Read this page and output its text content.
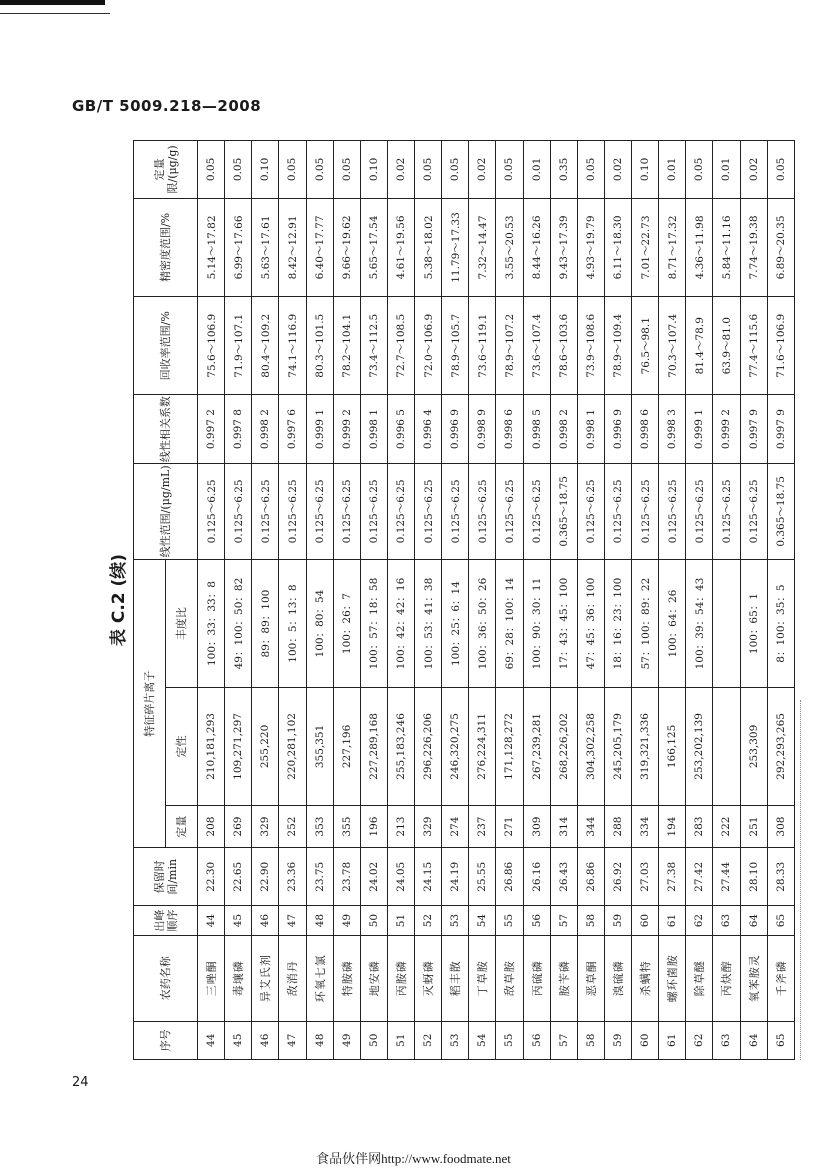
GB/T 5009.218—2008
表 C.2 (续)
序号	农药名称	出峰顺序	保留时间/min	特征碎片离子			线性范围/(μg/mL)	线性相关系数	回收率范围/%	精密度范围/%	定量限/(μg/g)
				定量	定性	丰度比					
44	三唑酮	44	22.30	208	210,181,293	100：33：33：8	0.125～6.25	0.997 2	75.6～106.9	5.14～17.82	0.05
45	毒壤磷	45	22.65	269	109,271,297	49：100：50：82	0.125～6.25	0.997 8	71.9～107.1	6.99～17.66	0.05
46	异艾氏剂	46	22.90	329	255,220	89：89：100	0.125～6.25	0.998 2	80.4～109.2	5.63～17.61	0.10
47	敌消丹	47	23.36	252	220,281,102	100：5：13：8	0.125～6.25	0.997 6	74.1～116.9	8.42～12.91	0.05
48	环氧七氯	48	23.75	353	355,351	100：80：54	0.125～6.25	0.999 1	80.3～101.5	6.40～17.77	0.05
49	特胺磷	49	23.78	355	227,196	100：26：7	0.125～6.25	0.999 2	78.2～104.1	9.66～19.62	0.05
50	地安磷	50	24.02	196	227,289,168	100：57：18：58	0.125～6.25	0.998 1	73.4～112.5	5.65～17.54	0.10
51	丙胺磷	51	24.05	213	255,183,246	100：42：42：16	0.125～6.25	0.996 5	72.7～108.5	4.61～19.56	0.02
52	灭蚜磷	52	24.15	329	296,226,206	100：53：41：38	0.125～6.25	0.996 4	72.0～106.9	5.38～18.02	0.05
53	稻丰散	53	24.19	274	246,320,275	100：25：6：14	0.125～6.25	0.996 9	78.9～105.7	11.79～17.33	0.05
54	丁草胺	54	25.55	237	276,224,311	100：36：50：26	0.125～6.25	0.998 9	73.6～119.1	7.32～14.47	0.02
55	敌草胺	55	26.86	271	171,128,272	69：28：100：14	0.125～6.25	0.998 6	78.9～107.2	3.55～20.53	0.05
56	丙硫磷	56	26.16	309	267,239,281	100：90：30：11	0.125～6.25	0.998 5	73.6～107.4	8.44～16.26	0.01
57	胺苄磷	57	26.43	314	268,226,202	17：43：45：100	0.365～18.75	0.998 2	78.6～103.6	9.43～17.39	0.35
58	恶草酮	58	26.86	344	304,302,258	47：45：36：100	0.125～6.25	0.998 1	73.9～108.6	4.93～19.79	0.05
59	溴硫磷	59	26.92	288	245,205,179	18：16：23：100	0.125～6.25	0.996 9	78.9～109.4	6.11～18.30	0.02
60	杀螨特	60	27.03	334	319,321,336	57：100：89：22	0.125～6.25	0.998 6	76.5～98.1	7.01～22.73	0.10
61	螺环菌胺	61	27.38	194	166,125	100：64：26	0.125～6.25	0.998 3	70.3～107.4	8.71～17.32	0.01
62	除草醚	62	27.42	283	253,202,139	100：39：54：43	0.125～6.25	0.999 1	81.4～78.9	4.36～11.98	0.05
63	丙炔醇	63	27.44	222			0.125～6.25	0.999 2	63.9～81.0	5.84～11.16	0.01
64	氧苯胺灵	64	28.10	251	253,309	100：65：1	0.125～6.25	0.997 9	77.4～115.6	7.74～19.38	0.02
65	千斧磷	65	28.33	308	292,293,265	8：100：35：5	0.365～18.75	0.997 9	71.6～106.9	6.89～20.35	0.05
24
食品伙伴网http://www.foodmate.net
